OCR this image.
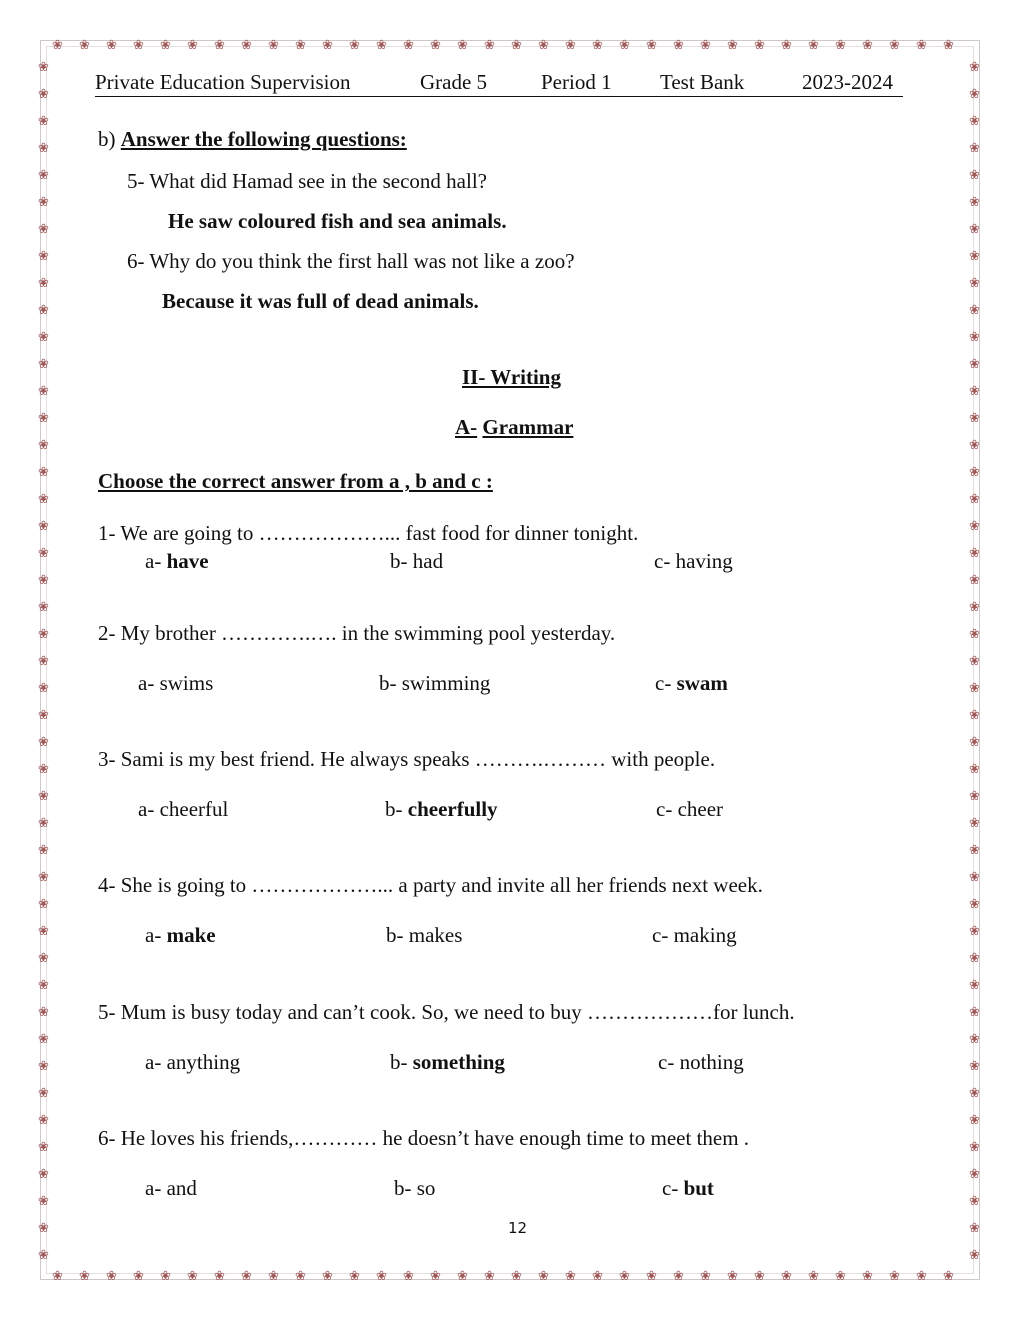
❀
❀
❀
❀
❀
❀
❀
❀
❀
❀
❀
❀
❀
❀
❀
❀
❀
❀
❀
❀
❀
❀
❀
❀
❀
❀
❀
❀
❀
❀
❀
❀
❀
❀
❀
❀
❀
❀
❀
❀
❀
❀
❀
❀
❀
❀
❀
❀
❀
❀
❀
❀
❀
❀
❀
❀
❀
❀
❀
❀
❀
❀
❀
❀
❀
❀
❀
❀
❀	❀
❀	❀
❀	❀
❀	❀
❀	❀
❀	❀
❀	❀
❀	❀
❀	❀
❀	❀
❀	❀
❀	❀
❀	❀
❀	❀
❀	❀
❀	❀
❀	❀
❀	❀
❀	❀
❀	❀
❀	❀
❀	❀
❀	❀
❀	❀
❀	❀
❀	❀
❀	❀
❀	❀
❀	❀
❀	❀
❀	❀
❀	❀
❀	❀
❀	❀
❀	❀
❀	❀
❀	❀
❀	❀
❀	❀
❀	❀
❀	❀
❀	❀
❀	❀
❀	❀
❀	❀
Private Education Supervision	Grade 5	Period 1 Test Bank	2023-2024
b) Answer the following questions:
5- What did Hamad see in the second hall?
He saw coloured fish and sea animals.
6- Why do you think the first hall was not like a zoo?
Because it was full of dead animals.
II- Writing
A- Grammar
Choose the correct answer from a , b and c :
1- We are going to ………………... fast food for dinner tonight.
a- have	b- had	c- having
2- My brother ………….…. in the swimming pool yesterday.
a- swims	b- swimming	c- swam
3- Sami is my best friend. He always speaks ……….……… with people.
a- cheerful	b- cheerfully	c- cheer
4- She is going to ………………... a party and invite all her friends next week.
a- make	b- makes	c- making
5- Mum is busy today and can’t cook. So, we need to buy ………………for lunch.
a- anything	b- something	c- nothing
6- He loves his friends,………… he doesn’t have enough time to meet them .
a- and	b- so	c- but
12
